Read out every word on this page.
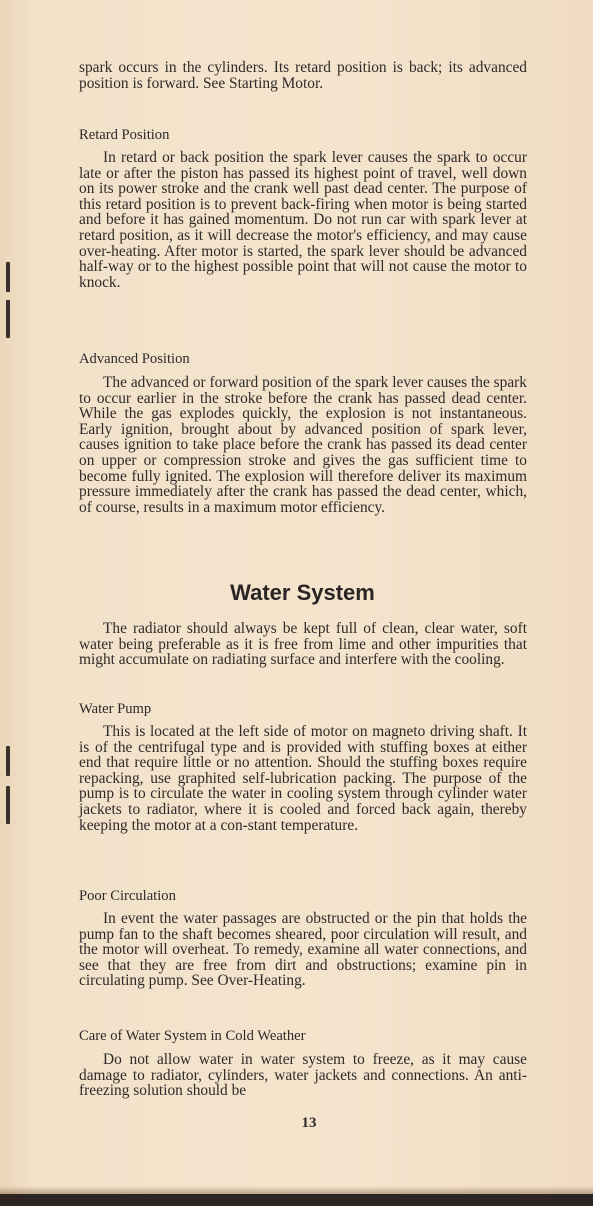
spark occurs in the cylinders. Its retard position is back; its advanced position is forward. See Starting Motor.

Retard Position

In retard or back position the spark lever causes the spark to occur late or after the piston has passed its highest point of travel, well down on its power stroke and the crank well past dead center. The purpose of this retard position is to prevent back-firing when motor is being started and before it has gained momentum. Do not run car with spark lever at retard position, as it will decrease the motor's efficiency, and may cause over-heating. After motor is started, the spark lever should be advanced half-way or to the highest possible point that will not cause the motor to knock.

Advanced Position

The advanced or forward position of the spark lever causes the spark to occur earlier in the stroke before the crank has passed dead center. While the gas explodes quickly, the explosion is not instantaneous. Early ignition, brought about by advanced position of spark lever, causes ignition to take place before the crank has passed its dead center on upper or compression stroke and gives the gas sufficient time to become fully ignited. The explosion will therefore deliver its maximum pressure immediately after the crank has passed the dead center, which, of course, results in a maximum motor efficiency.

Water System

The radiator should always be kept full of clean, clear water, soft water being preferable as it is free from lime and other impurities that might accumulate on radiating surface and interfere with the cooling.

Water Pump

This is located at the left side of motor on magneto driving shaft. It is of the centrifugal type and is provided with stuffing boxes at either end that require little or no attention. Should the stuffing boxes require repacking, use graphited self-lubrication packing. The purpose of the pump is to circulate the water in cooling system through cylinder water jackets to radiator, where it is cooled and forced back again, thereby keeping the motor at a con-stant temperature.

Poor Circulation

In event the water passages are obstructed or the pin that holds the pump fan to the shaft becomes sheared, poor circulation will result, and the motor will overheat. To remedy, examine all water connections, and see that they are free from dirt and obstructions; examine pin in circulating pump. See Over-Heating.

Care of Water System in Cold Weather

Do not allow water in water system to freeze, as it may cause damage to radiator, cylinders, water jackets and connections. An anti-freezing solution should be

13
